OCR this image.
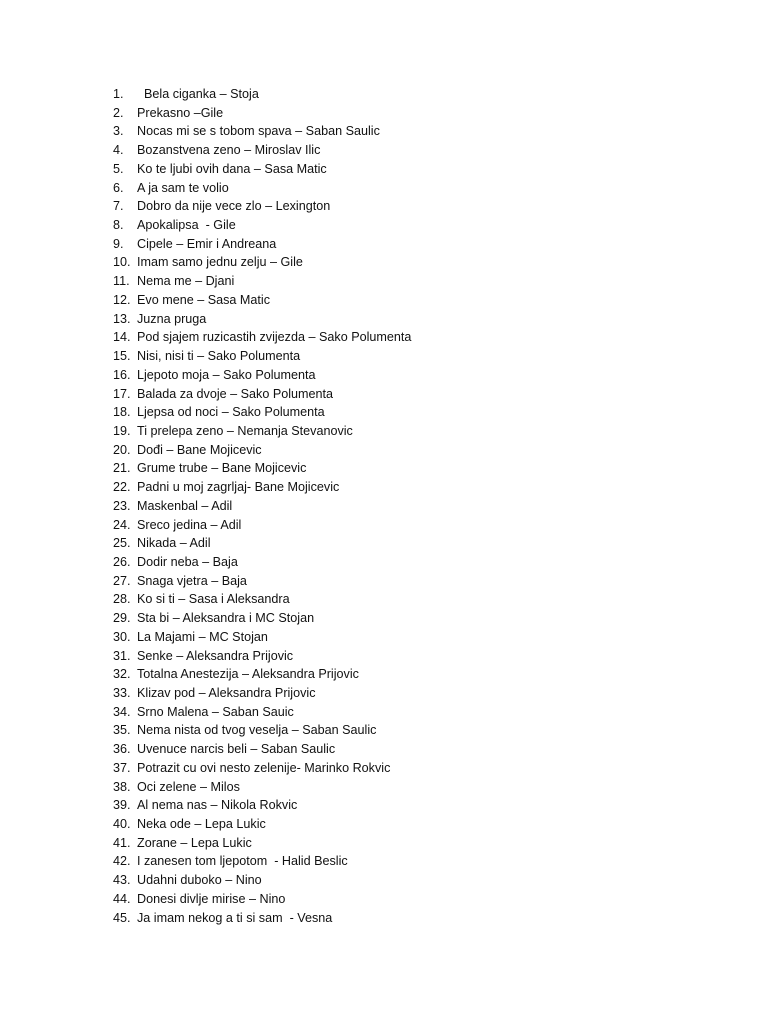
1.	Bela ciganka – Stoja
2.	Prekasno –Gile
3.	Nocas mi se s tobom spava – Saban Saulic
4.	Bozanstvena zeno – Miroslav Ilic
5.	Ko te ljubi ovih dana – Sasa Matic
6.	A ja sam te volio
7.	Dobro da nije vece zlo – Lexington
8.	Apokalipsa  - Gile
9.	Cipele – Emir i Andreana
10. Imam samo jednu zelju – Gile
11. Nema me – Djani
12. Evo mene – Sasa Matic
13. Juzna pruga
14. Pod sjajem ruzicastih zvijezda – Sako Polumenta
15. Nisi, nisi ti – Sako Polumenta
16. Ljepoto moja – Sako Polumenta
17. Balada za dvoje – Sako Polumenta
18. Ljepsa od noci – Sako Polumenta
19. Ti prelepa zeno – Nemanja Stevanovic
20. Dođi – Bane Mojicevic
21. Grume trube – Bane Mojicevic
22. Padni u moj zagrljaj- Bane Mojicevic
23. Maskenbal – Adil
24. Sreco jedina – Adil
25. Nikada – Adil
26. Dodir neba – Baja
27. Snaga vjetra – Baja
28. Ko si ti – Sasa i Aleksandra
29. Sta bi – Aleksandra i MC Stojan
30. La Majami – MC Stojan
31. Senke – Aleksandra Prijovic
32. Totalna Anestezija – Aleksandra Prijovic
33. Klizav pod – Aleksandra Prijovic
34. Srno Malena – Saban Sauic
35. Nema nista od tvog veselja – Saban Saulic
36. Uvenuce narcis beli – Saban Saulic
37. Potrazit cu ovi nesto zelenije- Marinko Rokvic
38. Oci zelene – Milos
39. Al nema nas – Nikola Rokvic
40. Neka ode – Lepa Lukic
41. Zorane – Lepa Lukic
42. I zanesen tom ljepotom  - Halid Beslic
43. Udahni duboko – Nino
44. Donesi divlje mirise – Nino
45. Ja imam nekog a ti si sam  - Vesna
